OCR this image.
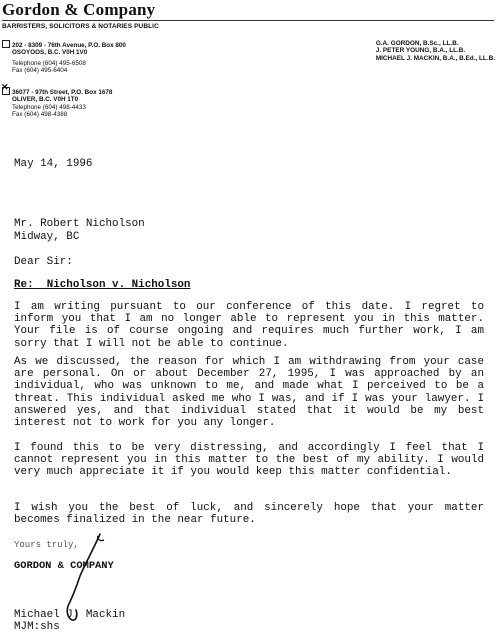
Gordon & Company
BARRISTERS, SOLICITORS & NOTARIES PUBLIC
202 - 8309 - 76th Avenue, P.O. Box 800
OSOYOOS, B.C. V0H 1V0
Telephone (604) 495-6508
Fax (604) 495-6404
✕36077 - 97th Street, P.O. Box 1678
OLIVER, B.C. V0H 1T0
Telephone (604) 498-4433
Fax (604) 498-4388
G.A. GORDON, B.Sc., LL.B.
J. PETER YOUNG, B.A., LL.B.
MICHAEL J. MACKIN, B.A., B.Ed., LL.B.
May 14, 1996
Mr. Robert Nicholson
Midway, BC
Dear Sir:
Re: Nicholson v. Nicholson
I am writing pursuant to our conference of this date. I regret to inform you that I am no longer able to represent you in this matter. Your file is of course ongoing and requires much further work, I am sorry that I will not be able to continue.
As we discussed, the reason for which I am withdrawing from your case are personal. On or about December 27, 1995, I was approached by an individual, who was unknown to me, and made what I perceived to be a threat. This individual asked me who I was, and if I was your lawyer. I answered yes, and that individual stated that it would be my best interest not to work for you any longer.
I found this to be very distressing, and accordingly I feel that I cannot represent you in this matter to the best of my ability. I would very much appreciate it if you would keep this matter confidential.
I wish you the best of luck, and sincerely hope that your matter becomes finalized in the near future.
Yours truly,
GORDON & COMPANY
Michael J. Mackin
MJM:shs
